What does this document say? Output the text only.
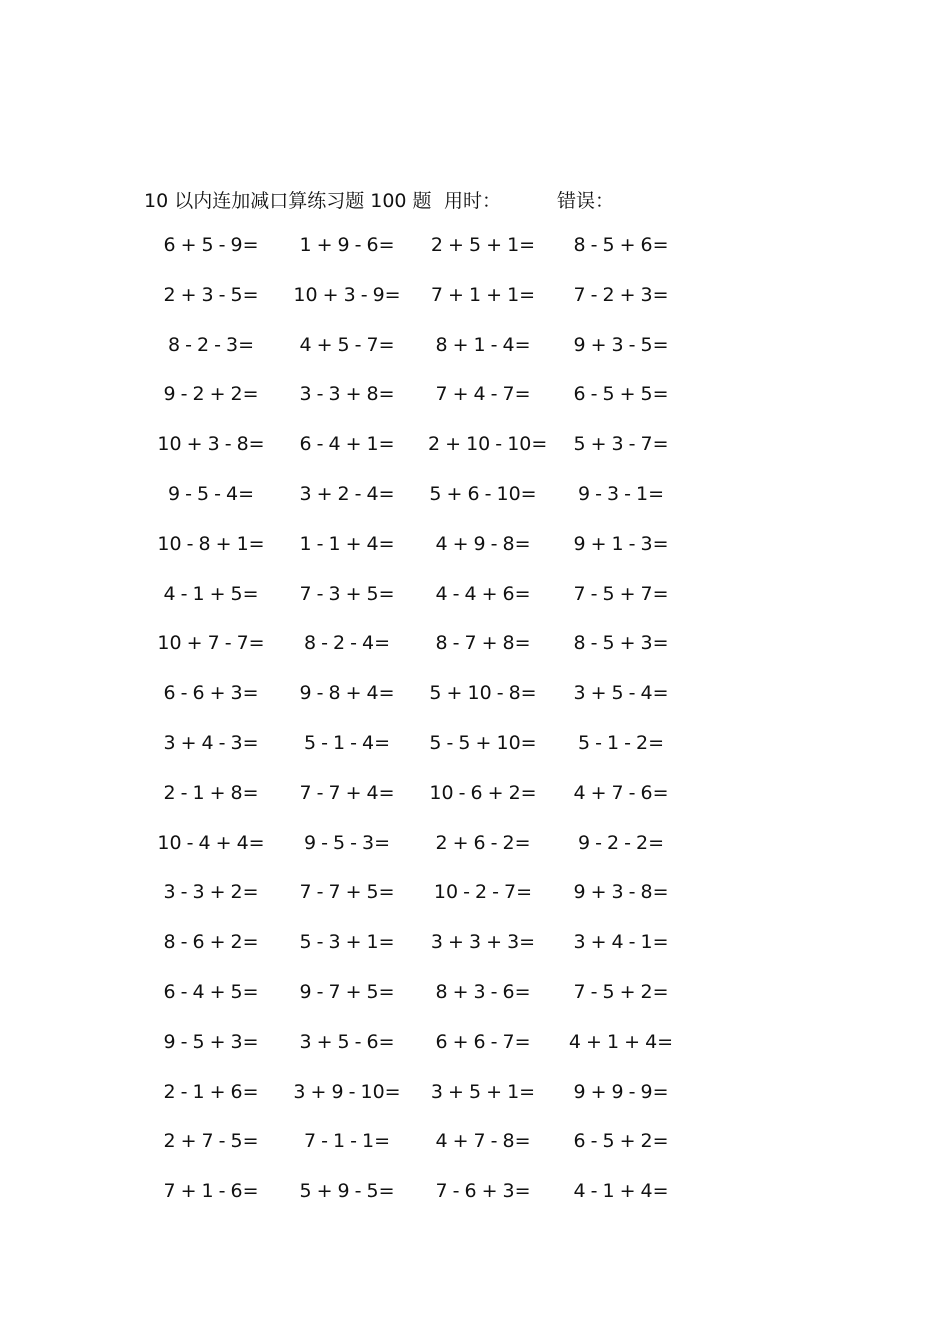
10 以内连加减口算练习题 100 题 用时：	错误：
6 + 5 - 9=	1 + 9 - 6=	2 + 5 + 1=	8 - 5 + 6=
2 + 3 - 5=	10 + 3 - 9= 7 + 1 + 1=	7 - 2 + 3=
8 - 2 - 3=	4 + 5 - 7=	8 + 1 - 4=	9 + 3 - 5=
9 - 2 + 2=	3 - 3 + 8=	7 + 4 - 7=	6 - 5 + 5=
10 + 3 - 8=	6 - 4 + 1=	2 + 10 - 10=	5 + 3 - 7=
9 - 5 - 4=	3 + 2 - 4=	5 + 6 - 10=	9 - 3 - 1=
10 - 8 + 1=	1 - 1 + 4=	4 + 9 - 8=	9 + 1 - 3=
4 - 1 + 5=	7 - 3 + 5=	4 - 4 + 6=	7 - 5 + 7=
10 + 7 - 7=	8 - 2 - 4=	8 - 7 + 8=	8 - 5 + 3=
6 - 6 + 3=	9 - 8 + 4=	5 + 10 - 8=	3 + 5 - 4=
3 + 4 - 3=	5 - 1 - 4=	5 - 5 + 10=	5 - 1 - 2=
2 - 1 + 8=	7 - 7 + 4=	10 - 6 + 2=	4 + 7 - 6=
10 - 4 + 4=	9 - 5 - 3=	2 + 6 - 2=	9 - 2 - 2=
3 - 3 + 2=	7 - 7 + 5=	10 - 2 - 7=	9 + 3 - 8=
8 - 6 + 2=	5 - 3 + 1=	3 + 3 + 3=	3 + 4 - 1=
6 - 4 + 5=	9 - 7 + 5=	8 + 3 - 6=	7 - 5 + 2=
9 - 5 + 3=	3 + 5 - 6=	6 + 6 - 7=	4 + 1 + 4=
2 - 1 + 6=	3 + 9 - 10= 3 + 5 + 1=	9 + 9 - 9=
2 + 7 - 5=	7 - 1 - 1=	4 + 7 - 8=	6 - 5 + 2=
7 + 1 - 6=	5 + 9 - 5=	7 - 6 + 3=	4 - 1 + 4=
